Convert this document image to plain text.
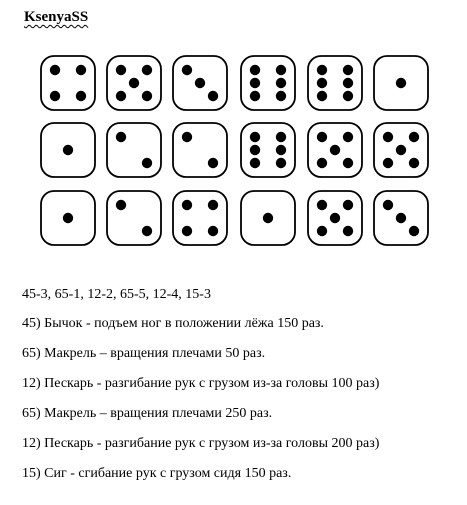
KsenyaSS
45-3, 65-1, 12-2, 65-5, 12-4, 15-3
45) Бычок - подъем ног в положении лёжа 150 раз.
65) Макрель – вращения плечами 50 раз.
12) Пескарь - разгибание рук с грузом из-за головы 100 раз)
65) Макрель – вращения плечами 250 раз.
12) Пескарь - разгибание рук с грузом из-за головы 200 раз)
15) Сиг - сгибание рук с грузом сидя 150 раз.
